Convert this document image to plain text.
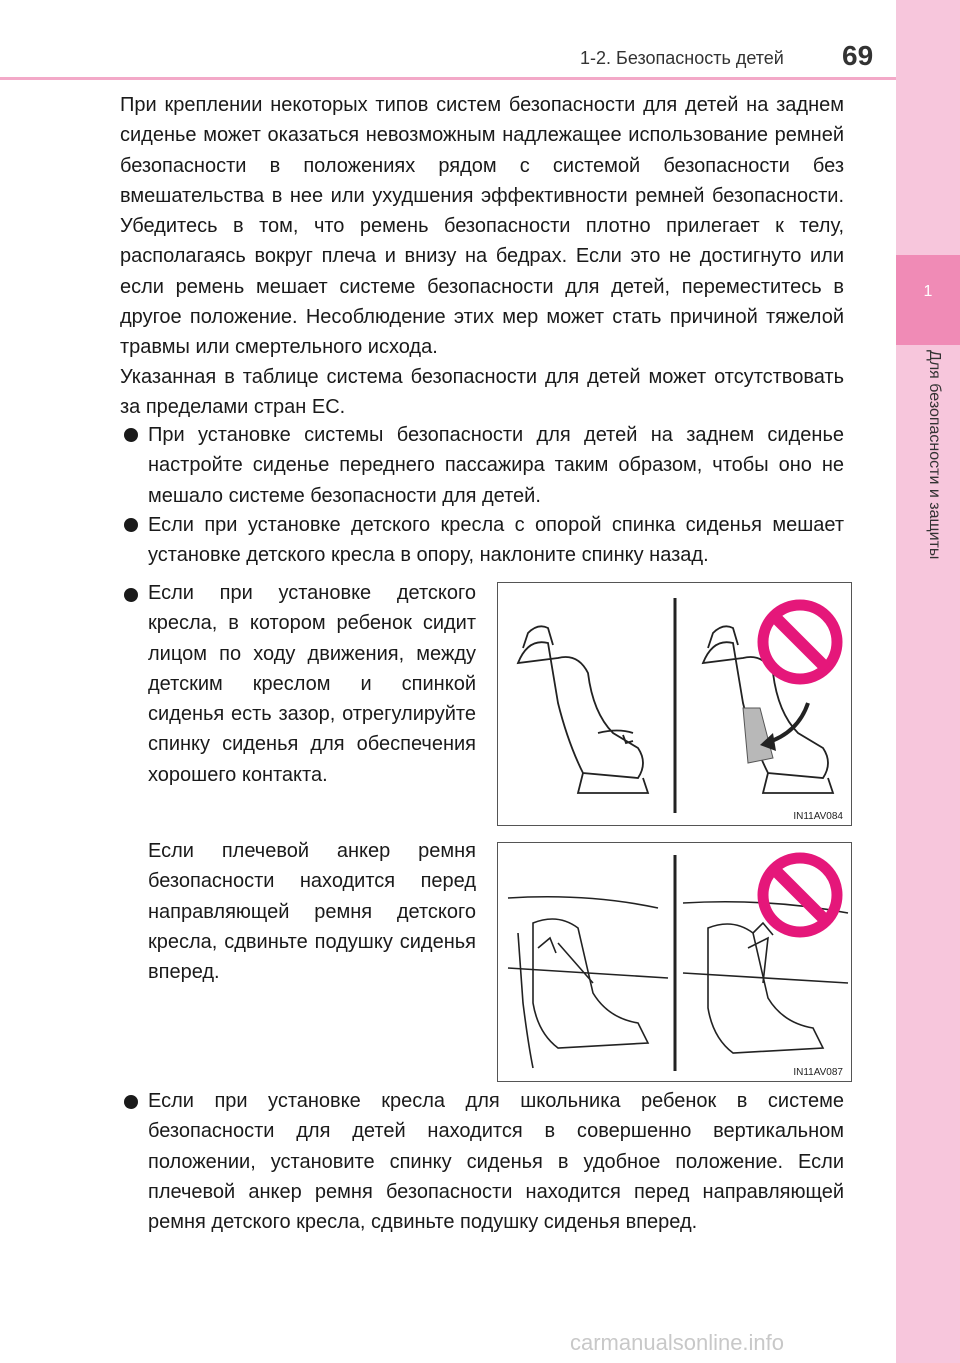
1-2. Безопасность детей 69
1
Для безопасности и защиты
При креплении некоторых типов систем безопасности для детей на заднем сиденье может оказаться невозможным надлежащее использование ремней безопасности в положениях рядом с системой безопасности без вмешательства в нее или ухудшения эффективности ремней безопасности. Убедитесь в том, что ремень безопасности плотно прилегает к телу, располагаясь вокруг плеча и внизу на бедрах. Если это не достигнуто или если ремень мешает системе безопасности для детей, переместитесь в другое положение. Несоблюдение этих мер может стать причиной тяжелой травмы или смертельного исхода.
Указанная в таблице система безопасности для детей может отсутствовать за пределами стран ЕС.
При установке системы безопасности для детей на заднем сиденье настройте сиденье переднего пассажира таким образом, чтобы оно не мешало системе безопасности для детей.
Если при установке детского кресла с опорой спинка сиденья мешает установке детского кресла в опору, наклоните спинку назад.
Если при установке детского кресла, в котором ребенок сидит лицом по ходу движения, между детским креслом и спинкой сиденья есть зазор, отрегулируйте спинку сиденья для обеспечения хорошего контакта.
Если плечевой анкер ремня безопасности находится перед направляющей ремня детского кресла, сдвиньте подушку сиденья вперед.
Если при установке кресла для школьника ребенок в системе безопасности для детей находится в совершенно вертикальном положении, установите спинку сиденья в удобное положение. Если плечевой анкер ремня безопасности находится перед направляющей ремня детского кресла, сдвиньте подушку сиденья вперед.
IN11AV084
IN11AV087
carmanualsonline.info
